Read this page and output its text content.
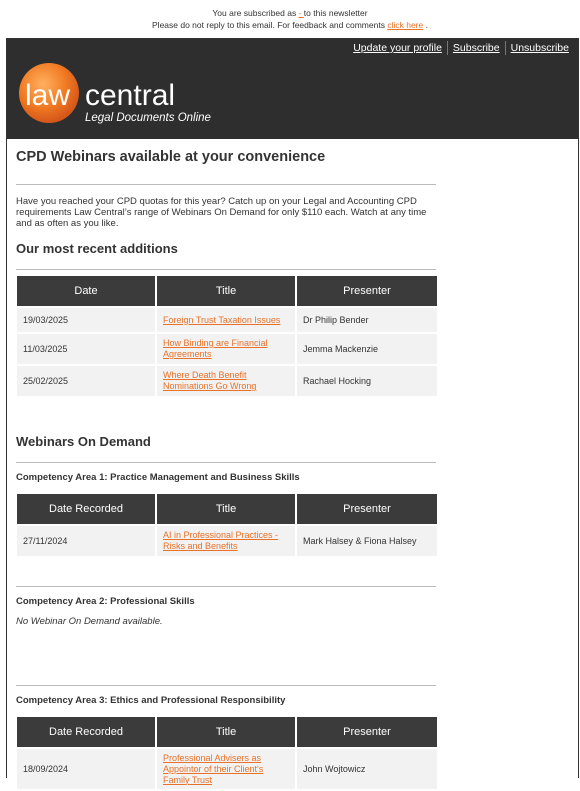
You are subscribed as - to this newsletter
Please do not reply to this email. For feedback and comments click here .
Update your profile	Subscribe	Unsubscribe
law central
Legal Documents Online
CPD Webinars available at your convenience

Have you reached your CPD quotas for this year? Catch up on your Legal and Accounting CPD requirements Law Central’s range of Webinars On Demand for only $110 each. Watch at any time and as often as you like.

Our most recent additions
Date	Title	Presenter
19/03/2025	Foreign Trust Taxation Issues	Dr Philip Bender
11/03/2025	How Binding are Financial Agreements	Jemma Mackenzie
25/02/2025	Where Death Benefit Nominations Go Wrong	Rachael Hocking
Webinars On Demand
Competency Area 1: Practice Management and Business Skills
Date Recorded	Title	Presenter
27/11/2024	AI in Professional Practices - Risks and Benefits	Mark Halsey & Fiona Halsey
Competency Area 2: Professional Skills

No Webinar On Demand available.

Competency Area 3: Ethics and Professional Responsibility
Date Recorded	Title	Presenter
18/09/2024	Professional Advisers as Appointor of their Client's Family Trust	John Wojtowicz
